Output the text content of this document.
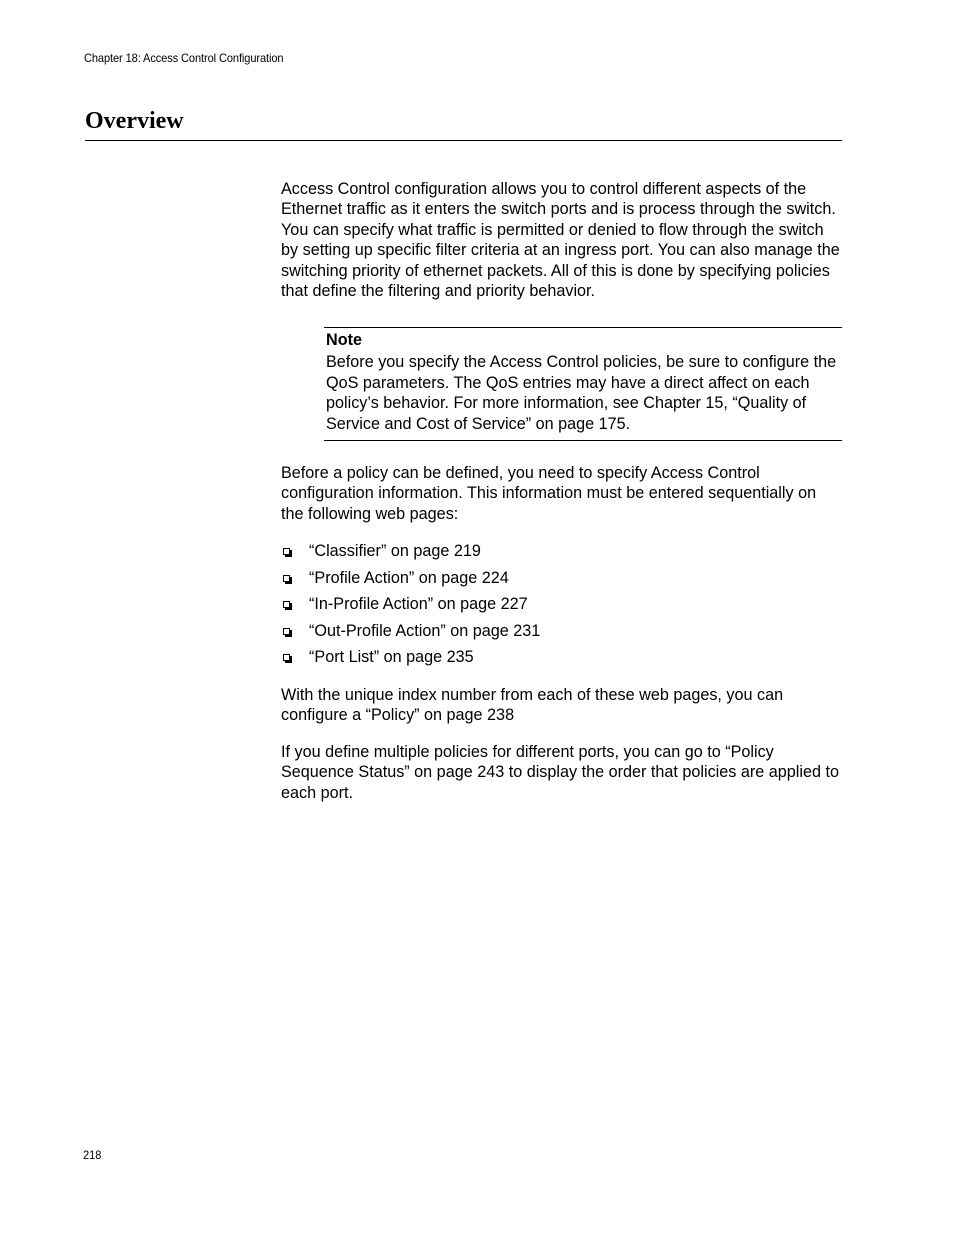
Chapter 18: Access Control Configuration
Overview

Access Control configuration allows you to control different aspects of the Ethernet traffic as it enters the switch ports and is process through the switch. You can specify what traffic is permitted or denied to flow through the switch by setting up specific filter criteria at an ingress port. You can also manage the switching priority of ethernet packets. All of this is done by specifying policies that define the filtering and priority behavior.

Note

Before you specify the Access Control policies, be sure to configure the QoS parameters. The QoS entries may have a direct affect on each policy’s behavior. For more information, see Chapter 15, “Quality of Service and Cost of Service” on page 175.

Before a policy can be defined, you need to specify Access Control configuration information. This information must be entered sequentially on the following web pages:

“Classifier” on page 219
“Profile Action” on page 224
“In-Profile Action” on page 227
“Out-Profile Action” on page 231
“Port List” on page 235

With the unique index number from each of these web pages, you can configure a “Policy” on page 238

If you define multiple policies for different ports, you can go to “Policy Sequence Status” on page 243 to display the order that policies are applied to each port.

218
